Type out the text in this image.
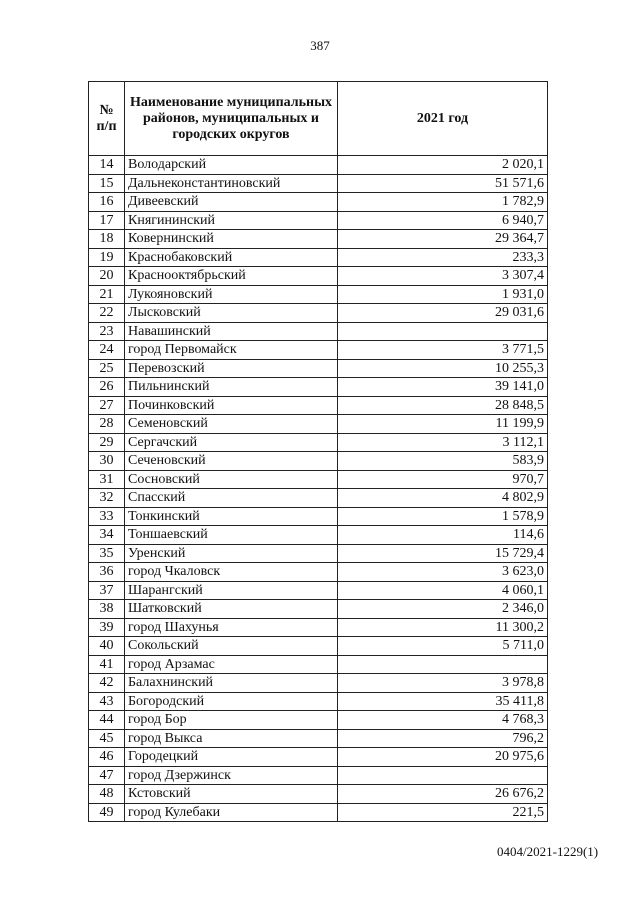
387
№ п/п	Наименование муниципальных районов, муниципальных и городских округов	2021 год
14	Володарский	2 020,1
15	Дальнеконстантиновский	51 571,6
16	Дивеевский	1 782,9
17	Княгининский	6 940,7
18	Ковернинский	29 364,7
19	Краснобаковский	233,3
20	Краснооктябрьский	3 307,4
21	Лукояновский	1 931,0
22	Лысковский	29 031,6
23	Навашинский	
24	город Первомайск	3 771,5
25	Перевозский	10 255,3
26	Пильнинский	39 141,0
27	Починковский	28 848,5
28	Семеновский	11 199,9
29	Сергачский	3 112,1
30	Сеченовский	583,9
31	Сосновский	970,7
32	Спасский	4 802,9
33	Тонкинский	1 578,9
34	Тоншаевский	114,6
35	Уренский	15 729,4
36	город Чкаловск	3 623,0
37	Шарангский	4 060,1
38	Шатковский	2 346,0
39	город Шахунья	11 300,2
40	Сокольский	5 711,0
41	город Арзамас	
42	Балахнинский	3 978,8
43	Богородский	35 411,8
44	город Бор	4 768,3
45	город Выкса	796,2
46	Городецкий	20 975,6
47	город Дзержинск	
48	Кстовский	26 676,2
49	город Кулебаки	221,5
0404/2021-1229(1)
